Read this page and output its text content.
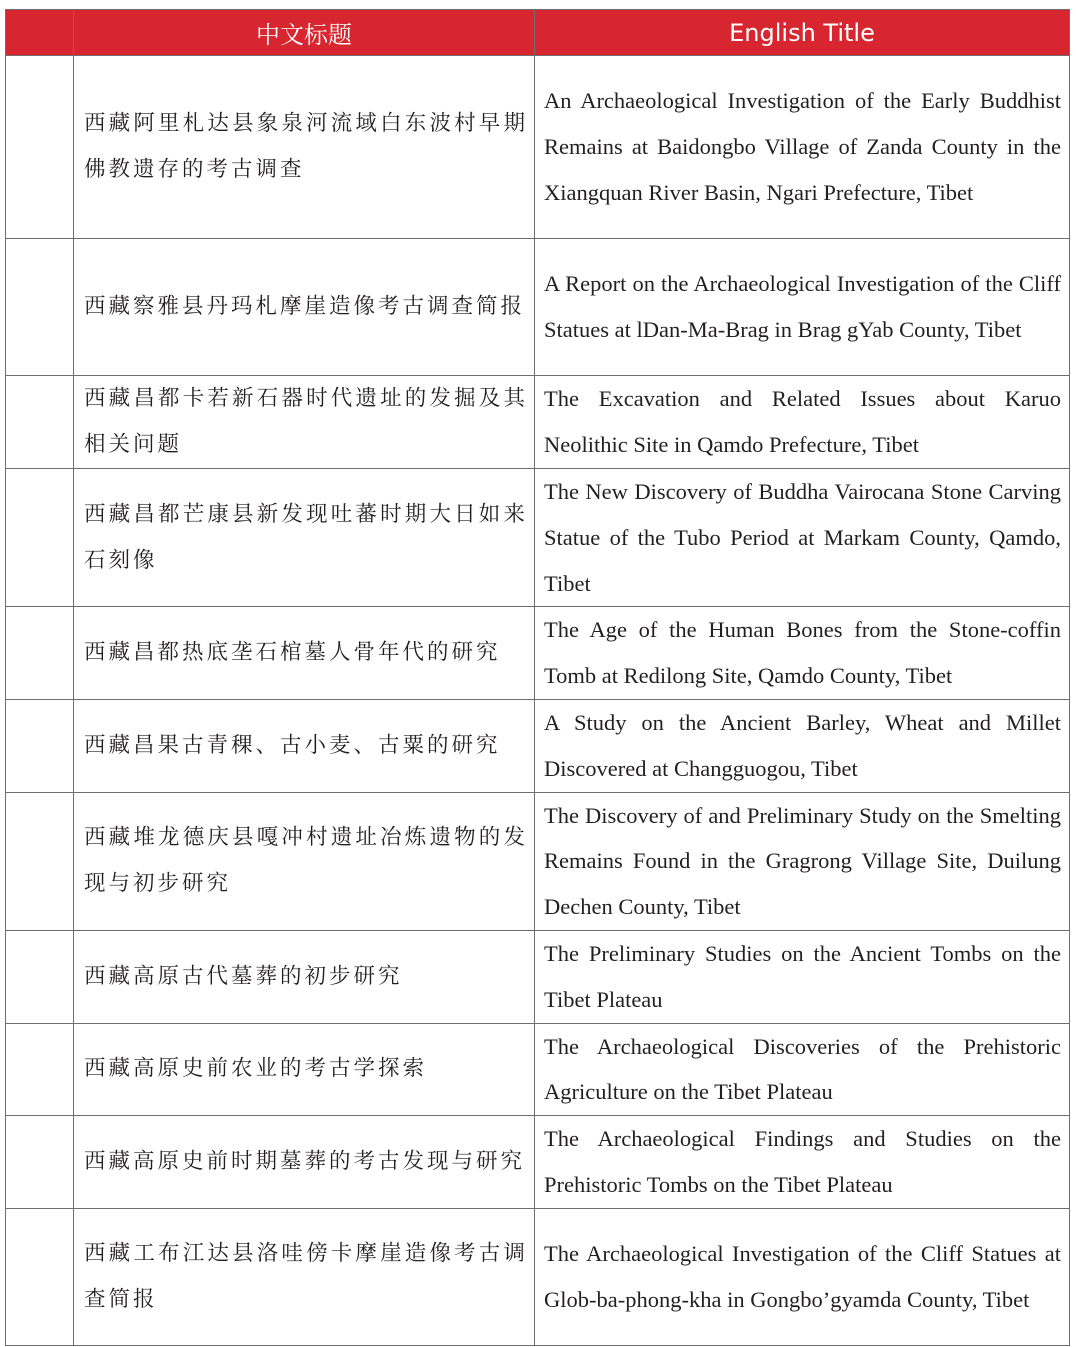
	中文标题	English Title
	西藏阿里札达县象泉河流域白东波村早期佛教遗存的考古调查	An Archaeological Investigation of the Early Buddhist Remains at Baidongbo Village of Zanda County in the Xiangquan River Basin, Ngari Prefecture, Tibet
	西藏察雅县丹玛札摩崖造像考古调查简报	A Report on the Archaeological Investigation of the Cliff Statues at lDan-Ma-Brag in Brag gYab County, Tibet
	西藏昌都卡若新石器时代遗址的发掘及其相关问题	The Excavation and Related Issues about Karuo Neolithic Site in Qamdo Prefecture, Tibet
	西藏昌都芒康县新发现吐蕃时期大日如来石刻像	The New Discovery of Buddha Vairocana Stone Carving Statue of the Tubo Period at Markam County, Qamdo, Tibet
	西藏昌都热底垄石棺墓人骨年代的研究	The Age of the Human Bones from the Stone-coffin Tomb at Redilong Site, Qamdo County, Tibet
	西藏昌果古青稞、古小麦、古粟的研究	A Study on the Ancient Barley, Wheat and Millet Discovered at Changguogou, Tibet
	西藏堆龙德庆县嘎冲村遗址冶炼遗物的发现与初步研究	The Discovery of and Preliminary Study on the Smelting Remains Found in the Gragrong Village Site, Duilung Dechen County, Tibet
	西藏高原古代墓葬的初步研究	The Preliminary Studies on the Ancient Tombs on the Tibet Plateau
	西藏高原史前农业的考古学探索	The Archaeological Discoveries of the Prehistoric Agriculture on the Tibet Plateau
	西藏高原史前时期墓葬的考古发现与研究	The Archaeological Findings and Studies on the Prehistoric Tombs on the Tibet Plateau
	西藏工布江达县洛哇傍卡摩崖造像考古调查简报	The Archaeological Investigation of the Cliff Statues at Glob-ba-phong-kha in Gongbo’gyamda County, Tibet
